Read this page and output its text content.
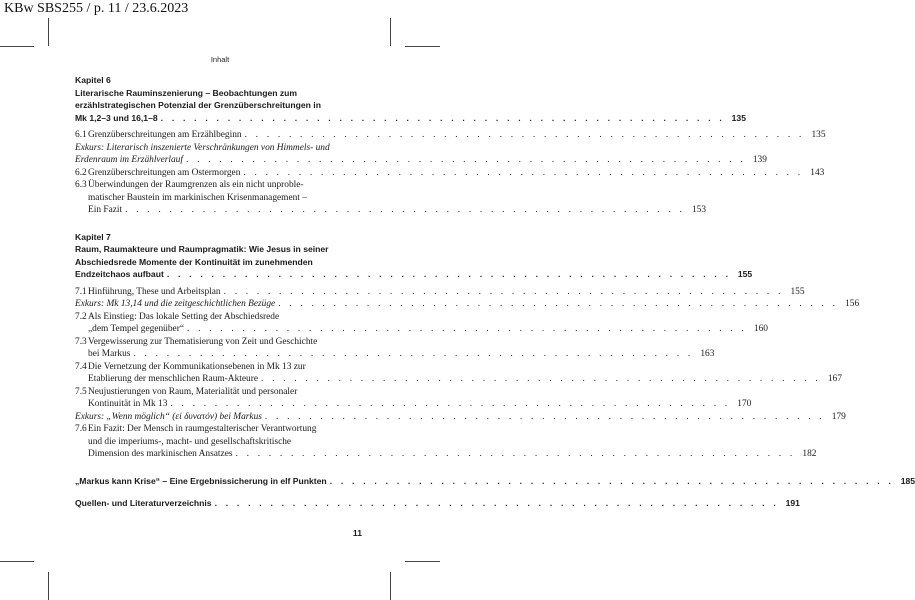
KBw SBS255 / p. 11 / 23.6.2023
Inhalt
Kapitel 6
Literarische Rauminszenierung – Beobachtungen zum
erzählstrategischen Potenzial der Grenzüberschreitungen in
Mk 1,2–3 und 16,1–8 . . . . . . . . . . . . . . . . . . . . . . . . . . . . . . . . . . . . . . . . . . . . . . . . . . . 135
6.1 Grenzüberschreitungen am Erzählbeginn . . . . . . . . . . . . . . . . . . . . . . . . . . . . . . . . . . . . . . . . . . . . . . . . . . . 135
Exkurs: Literarisch inszenierte Verschränkungen von Himmels- und
Erdenraum im Erzählverlauf . . . . . . . . . . . . . . . . . . . . . . . . . . . . . . . . . . . . . . . . . . . . . . . . . . . 139
6.2 Grenzüberschreitungen am Ostermorgen . . . . . . . . . . . . . . . . . . . . . . . . . . . . . . . . . . . . . . . . . . . . . . . . . . . 143
6.3 Überwindungen der Raumgrenzen als ein nicht unproble-
matischer Baustein im markinischen Krisenmanagement –
Ein Fazit . . . . . . . . . . . . . . . . . . . . . . . . . . . . . . . . . . . . . . . . . . . . . . . . . . . 153
Kapitel 7
Raum, Raumakteure und Raumpragmatik: Wie Jesus in seiner
Abschiedsrede Momente der Kontinuität im zunehmenden
Endzeitchaos aufbaut . . . . . . . . . . . . . . . . . . . . . . . . . . . . . . . . . . . . . . . . . . . . . . . . . . . 155
7.1 Hinführung, These und Arbeitsplan . . . . . . . . . . . . . . . . . . . . . . . . . . . . . . . . . . . . . . . . . . . . . . . . . . . 155
Exkurs: Mk 13,14 und die zeitgeschichtlichen Bezüge . . . . . . . . . . . . . . . . . . . . . . . . . . . . . . . . . . . . . . . . . . . . . . . . . . . 156
7.2 Als Einstieg: Das lokale Setting der Abschiedsrede
„dem Tempel gegenüber“ . . . . . . . . . . . . . . . . . . . . . . . . . . . . . . . . . . . . . . . . . . . . . . . . . . . 160
7.3 Vergewisserung zur Thematisierung von Zeit und Geschichte
bei Markus . . . . . . . . . . . . . . . . . . . . . . . . . . . . . . . . . . . . . . . . . . . . . . . . . . . 163
7.4 Die Vernetzung der Kommunikationsebenen in Mk 13 zur
Etablierung der menschlichen Raum-Akteure . . . . . . . . . . . . . . . . . . . . . . . . . . . . . . . . . . . . . . . . . . . . . . . . . . . 167
7.5 Neujustierungen von Raum, Materialität und personaler
Kontinuität in Mk 13 . . . . . . . . . . . . . . . . . . . . . . . . . . . . . . . . . . . . . . . . . . . . . . . . . . . 170
Exkurs: „Wenn möglich“ (εἰ δυνατόν) bei Markus . . . . . . . . . . . . . . . . . . . . . . . . . . . . . . . . . . . . . . . . . . . . . . . . . . . 179
7.6 Ein Fazit: Der Mensch in raumgestalterischer Verantwortung
und die imperiums-, macht- und gesellschaftskritische
Dimension des markinischen Ansatzes . . . . . . . . . . . . . . . . . . . . . . . . . . . . . . . . . . . . . . . . . . . . . . . . . . . 182
„Markus kann Krise“ – Eine Ergebnissicherung in elf Punkten . . . . . . . . . . . . . . . . . . . . . . . . . . . . . . . . . . . . . . . . . . . . . . . . . . . 185
Quellen- und Literaturverzeichnis . . . . . . . . . . . . . . . . . . . . . . . . . . . . . . . . . . . . . . . . . . . . . . . . . . . 191
11
